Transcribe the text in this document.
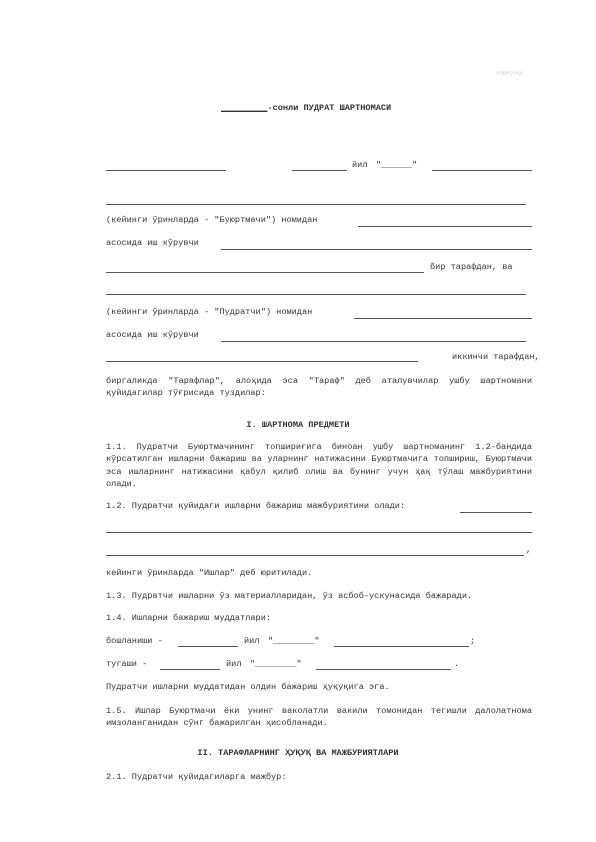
намуна
_________-сонли ПУДРАТ ШАРТНОМАСИ
йил "______"
(кейинги ўринларда - "Буюртмачи") номидан
асосида иш кўрувчи
бир тарафдан, ва
(кейинги ўринларда - "Пудратчи") номидан
асосида иш кўрувчи
иккинчи тарафдан,
биргаликда "Тарафлар", алоҳида эса "Тараф" деб аталувчилар ушбу шартномани қуйидагилар тўғрисида туздилар:
I. ШАРТНОМА ПРЕДМЕТИ
1.1. Пудратчи Буюртмачининг топшириғига биноан ушбу шартноманинг 1.2-бандида кўрсатилган ишларни бажариш ва уларнинг натижасини Буюртмачига топшириш, Буюртмачи эса ишларнинг натижасини қабул қилиб олиш ва бунинг учун ҳақ тўлаш мажбуриятини олади.
1.2. Пудратчи қуйидаги ишларни бажариш мажбуриятини олади:
,
кейинги ўринларда "Ишлар" деб юритилади.
1.3. Пудратчи ишларни ўз материалларидан, ўз асбоб-ускунасида бажаради.
1.4. Ишларни бажариш муддатлари:
бошланиши -	йил "________"	;
тугаши -	йил "________"	.
Пудратчи ишларни муддатидан олдин бажариш ҳуқуқига эга.
1.5. Ишлар Буюртмачи ёки унинг ваколатли вакили томонидан тегишли далолатнома имзоланганидан сўнг бажарилган ҳисобланади.
II. ТАРАФЛАРНИНГ ҲУҚУҚ ВА МАЖБУРИЯТЛАРИ
2.1. Пудратчи қуйидагиларга мажбур:
